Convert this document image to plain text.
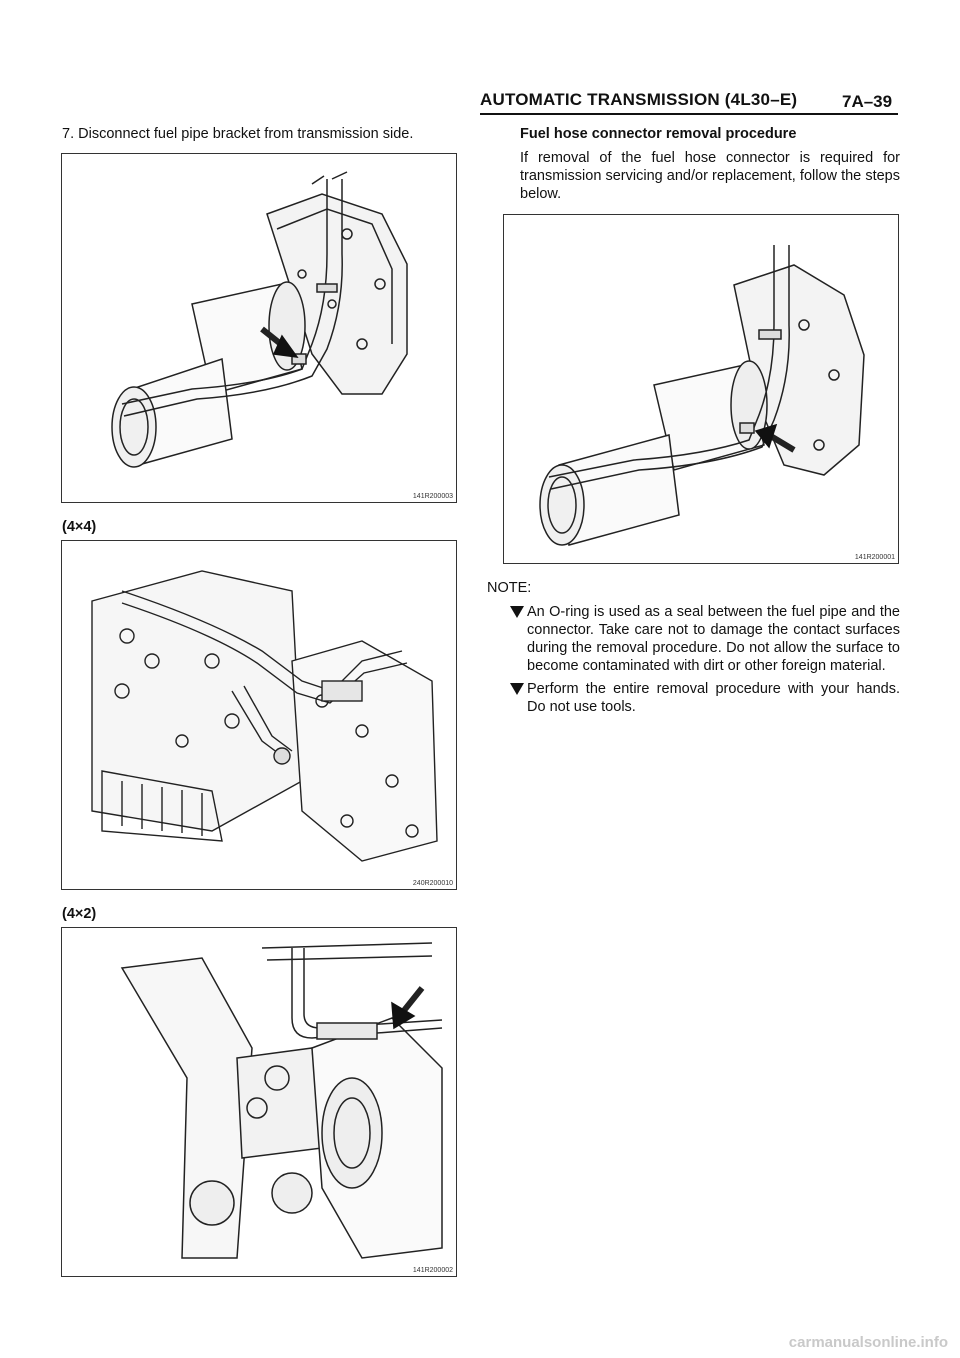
AUTOMATIC TRANSMISSION (4L30–E)	7A–39
7. Disconnect fuel pipe bracket from transmission side.
141R200003
(4×4)
240R200010
(4×2)
141R200002
Fuel hose connector removal procedure
If removal of the fuel hose connector is required for transmission servicing and/or replacement, follow the steps below.
141R200001
NOTE:
An O-ring is used as a seal between the fuel pipe and the connector. Take care not to damage the contact surfaces during the removal procedure. Do not allow the surface to become contaminated with dirt or other foreign material.
Perform the entire removal procedure with your hands. Do not use tools.
carmanualsonline.info
